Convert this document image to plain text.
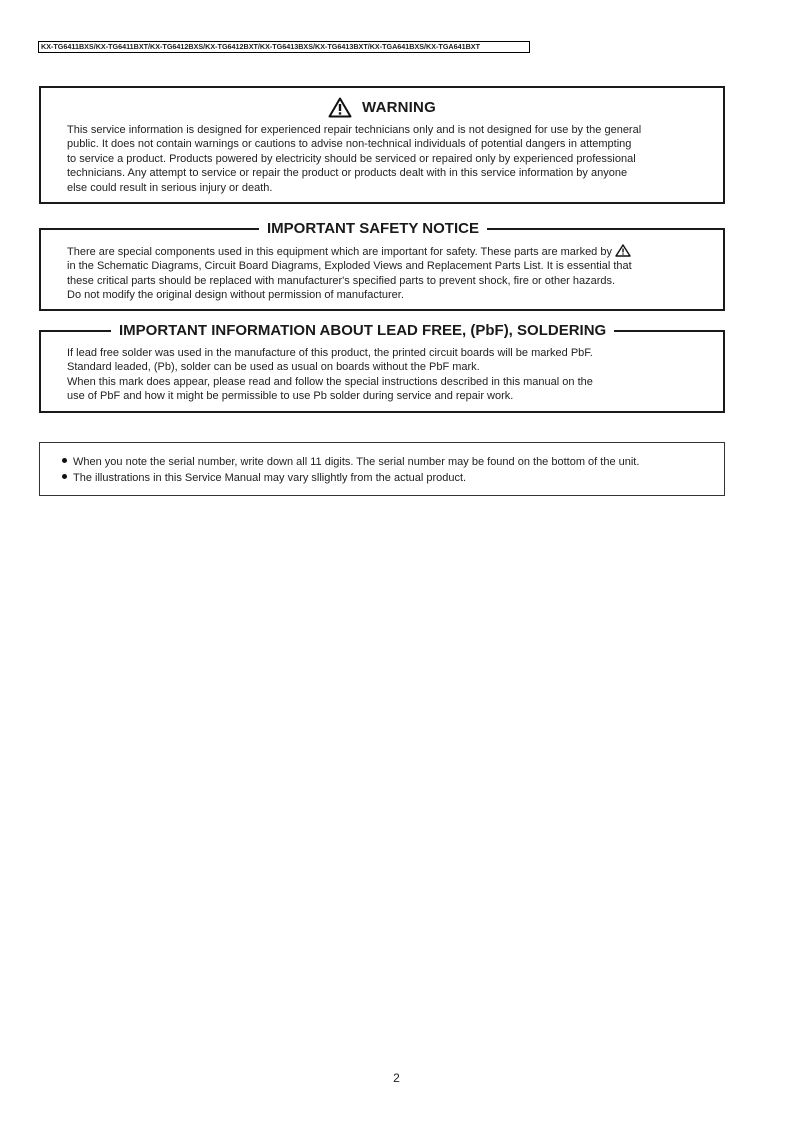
KX-TG6411BXS/KX-TG6411BXT/KX-TG6412BXS/KX-TG6412BXT/KX-TG6413BXS/KX-TG6413BXT/KX-TGA641BXS/KX-TGA641BXT
WARNING
This service information is designed for experienced repair technicians only and is not designed for use by the general
public. It does not contain warnings or cautions to advise non-technical individuals of potential dangers in attempting
to service a product. Products powered by electricity should be serviced or repaired only by experienced professional
technicians. Any attempt to service or repair the product or products dealt with in this service information by anyone
else could result in serious injury or death.
IMPORTANT SAFETY NOTICE
There are special components used in this equipment which are important for safety. These parts are marked by
in the Schematic Diagrams, Circuit Board Diagrams, Exploded Views and Replacement Parts List. It is essential that
these critical parts should be replaced with manufacturer's specified parts to prevent shock, fire or other hazards.
Do not modify the original design without permission of manufacturer.
IMPORTANT INFORMATION ABOUT LEAD FREE, (PbF), SOLDERING
If lead free solder was used in the manufacture of this product, the printed circuit boards will be marked PbF.
Standard leaded, (Pb), solder can be used as usual on boards without the PbF mark.
When this mark does appear, please read and follow the special instructions described in this manual on the
use of PbF and how it might be permissible to use Pb solder during service and repair work.
When you note the serial number, write down all 11 digits. The serial number may be found on the bottom of the unit.
The illustrations in this Service Manual may vary sllightly from the actual product.
2
